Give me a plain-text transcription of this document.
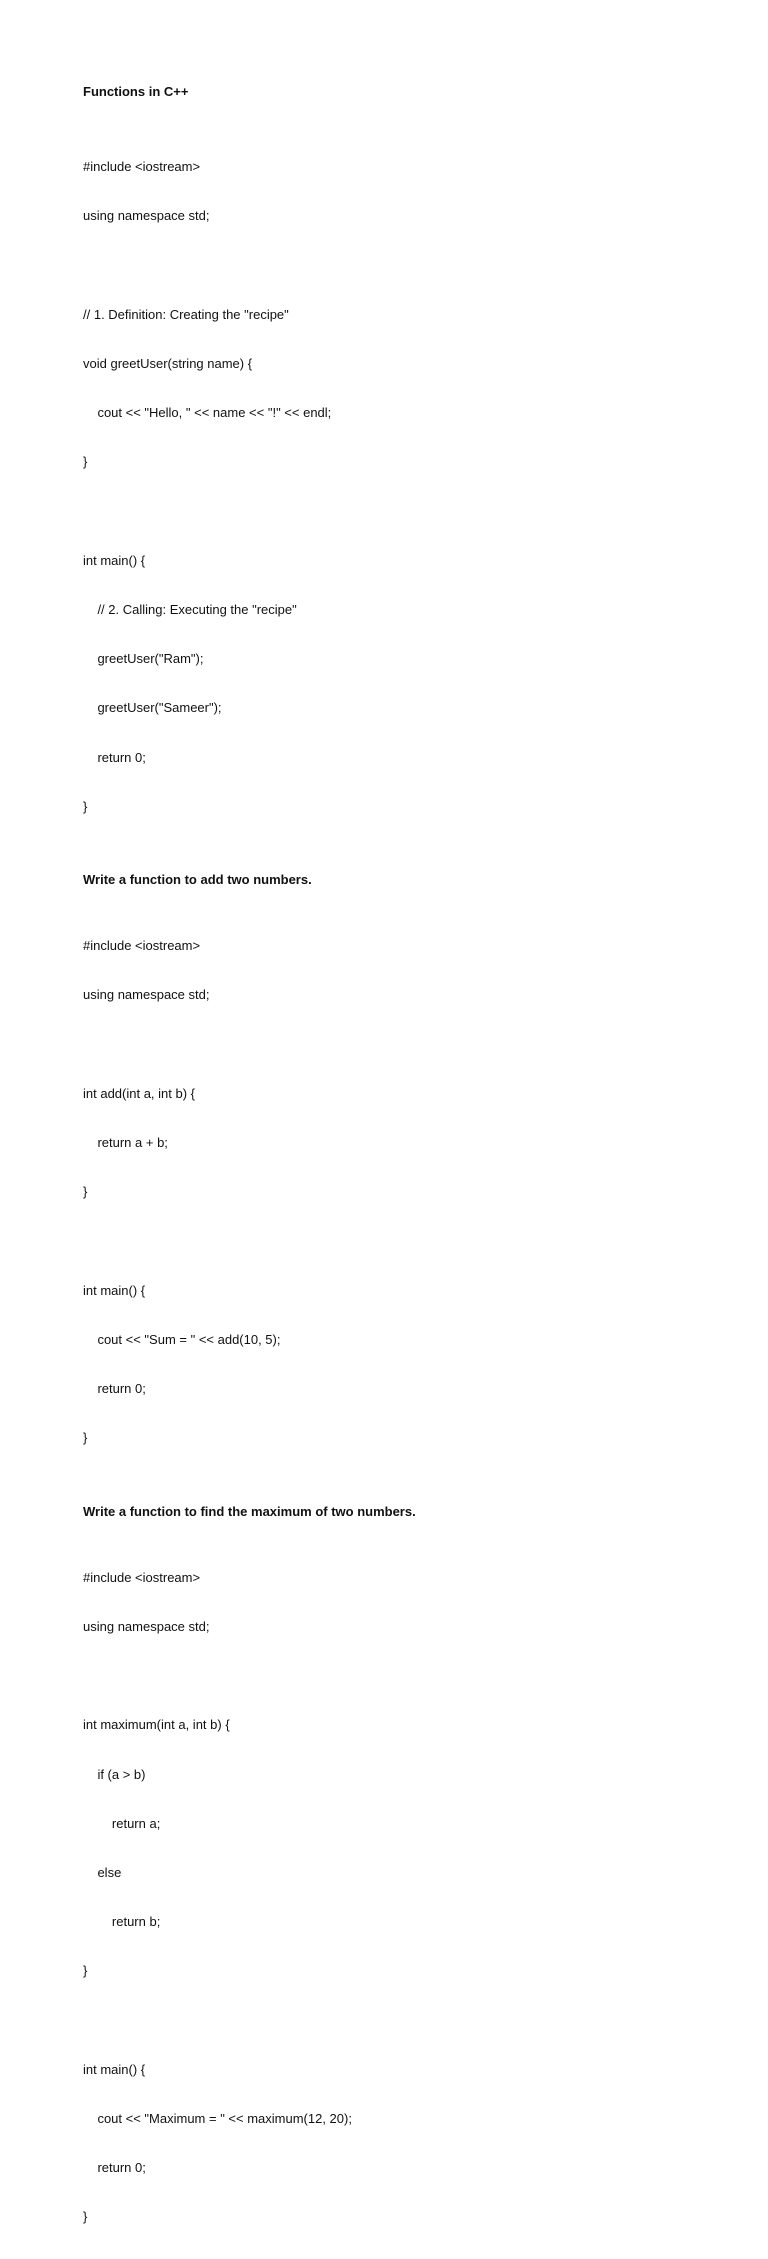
Functions in C++

#include <iostream>

using namespace std;

// 1. Definition: Creating the "recipe"

void greetUser(string name) {

cout << "Hello, " << name << "!" << endl;

}

int main() {

// 2. Calling: Executing the "recipe"

greetUser("Ram");

greetUser("Sameer");

return 0;

}

Write a function to add two numbers.

#include <iostream>

using namespace std;

int add(int a, int b) {

return a + b;

}

int main() {

cout << "Sum = " << add(10, 5);

return 0;

}

Write a function to find the maximum of two numbers.

#include <iostream>

using namespace std;

int maximum(int a, int b) {

if (a > b)

return a;

else

return b;

}

int main() {

cout << "Maximum = " << maximum(12, 20);

return 0;

}
